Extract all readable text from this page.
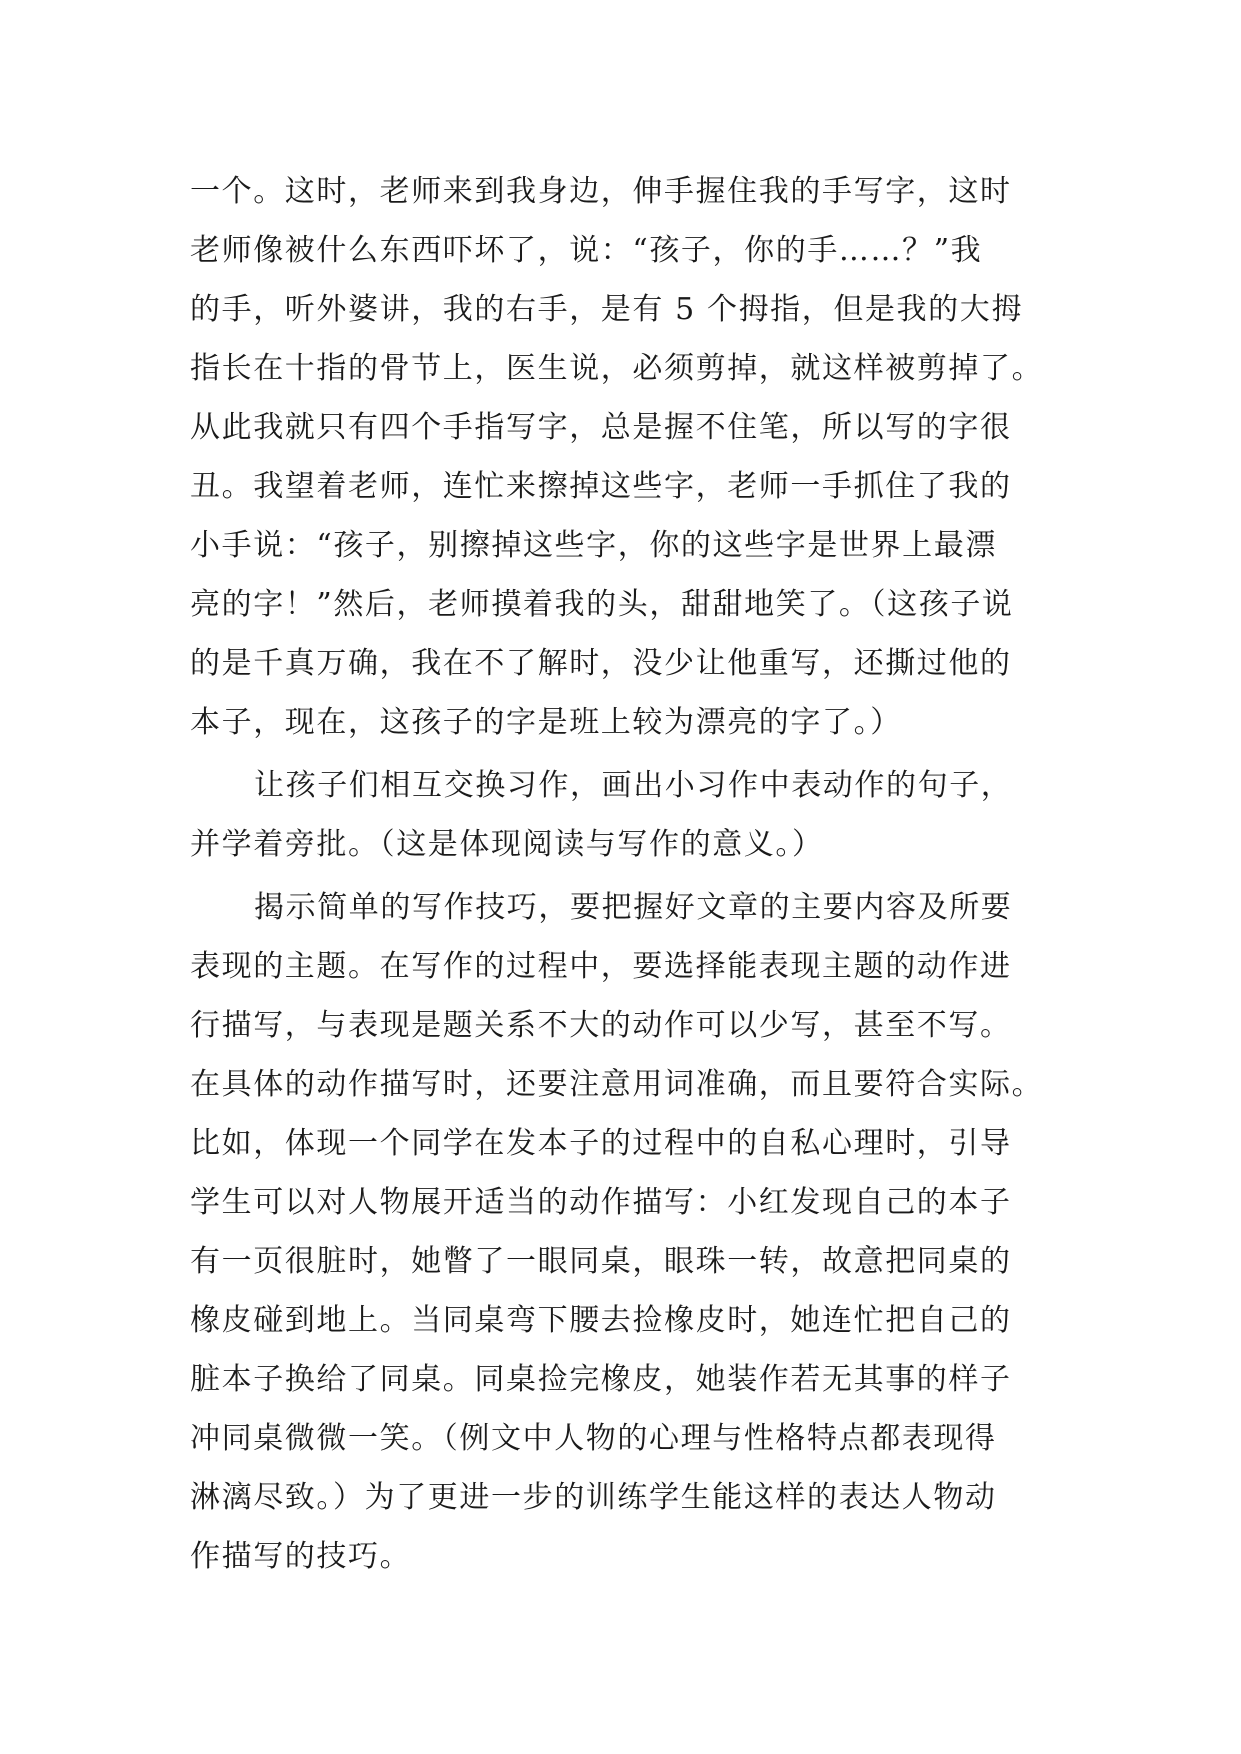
一个。这时，老师来到我身边，伸手握住我的手写字，这时
老师像被什么东西吓坏了，说：“孩子，你的手……？”我
的手，听外婆讲，我的右手，是有 5 个拇指，但是我的大拇
指长在十指的骨节上，医生说，必须剪掉，就这样被剪掉了。
从此我就只有四个手指写字，总是握不住笔，所以写的字很
丑。我望着老师，连忙来擦掉这些字，老师一手抓住了我的
小手说：“孩子，别擦掉这些字，你的这些字是世界上最漂
亮的字！”然后，老师摸着我的头，甜甜地笑了。（这孩子说
的是千真万确，我在不了解时，没少让他重写，还撕过他的
本子，现在，这孩子的字是班上较为漂亮的字了。）

让孩子们相互交换习作，画出小习作中表动作的句子，
并学着旁批。（这是体现阅读与写作的意义。）

揭示简单的写作技巧，要把握好文章的主要内容及所要
表现的主题。在写作的过程中，要选择能表现主题的动作进
行描写，与表现是题关系不大的动作可以少写，甚至不写。
在具体的动作描写时，还要注意用词准确，而且要符合实际。
比如，体现一个同学在发本子的过程中的自私心理时，引导
学生可以对人物展开适当的动作描写：小红发现自己的本子
有一页很脏时，她瞥了一眼同桌，眼珠一转，故意把同桌的
橡皮碰到地上。当同桌弯下腰去捡橡皮时，她连忙把自己的
脏本子换给了同桌。同桌捡完橡皮，她装作若无其事的样子
冲同桌微微一笑。（例文中人物的心理与性格特点都表现得
淋漓尽致。）为了更进一步的训练学生能这样的表达人物动
作描写的技巧。
